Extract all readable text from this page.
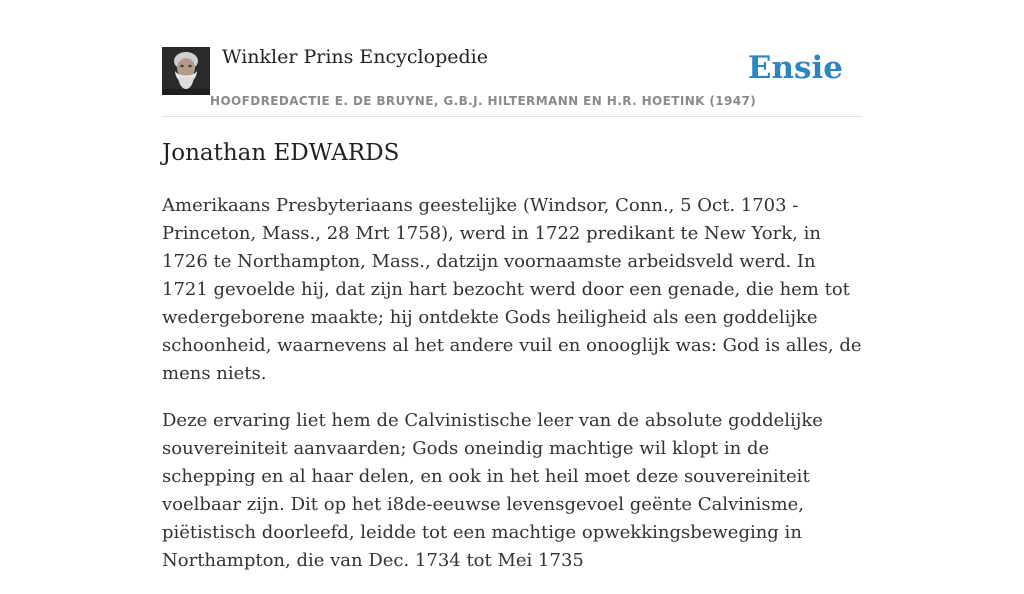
Winkler Prins Encyclopedie
HOOFDREDACTIE E. DE BRUYNE, G.B.J. HILTERMANN EN H.R. HOETINK (1947)
Ensie
Jonathan EDWARDS

Amerikaans Presbyteriaans geestelijke (Windsor, Conn., 5 Oct. 1703 - Princeton, Mass., 28 Mrt 1758), werd in 1722 predikant te New York, in 1726 te Northampton, Mass., datzijn voornaamste arbeidsveld werd. In 1721 gevoelde hij, dat zijn hart bezocht werd door een genade, die hem tot wedergeborene maakte; hij ontdekte Gods heiligheid als een goddelijke schoonheid, waarnevens al het andere vuil en onooglijk was: God is alles, de mens niets.

Deze ervaring liet hem de Calvinistische leer van de absolute goddelijke souvereiniteit aanvaarden; Gods oneindig machtige wil klopt in de schepping en al haar delen, en ook in het heil moet deze souvereiniteit voelbaar zijn. Dit op het i8de-eeuwse levensgevoel geënte Calvinisme, piëtistisch doorleefd, leidde tot een machtige opwekkingsbeweging in Northampton, die van Dec. 1734 tot Mei 1735
